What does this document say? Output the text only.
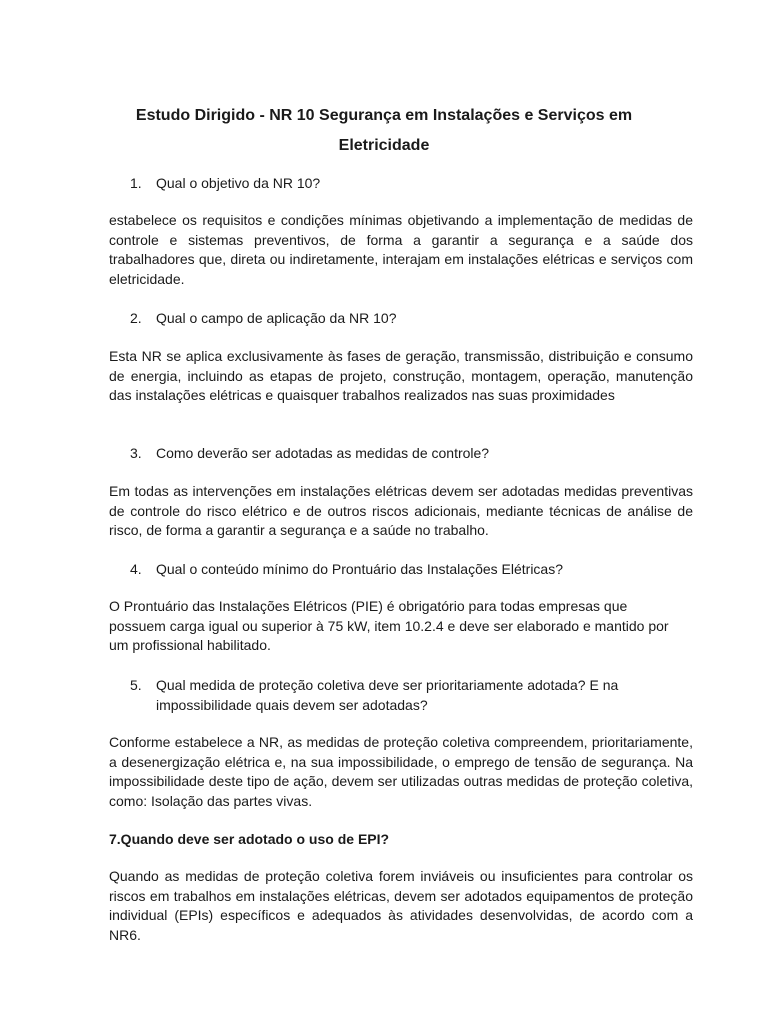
Estudo Dirigido - NR 10 Segurança em Instalações e Serviços em Eletricidade
1.	Qual o objetivo da NR 10?

estabelece os requisitos e condições mínimas objetivando a implementação de medidas de controle e sistemas preventivos, de forma a garantir a segurança e a saúde dos trabalhadores que, direta ou indiretamente, interajam em instalações elétricas e serviços com eletricidade.

2.	Qual o campo de aplicação da NR 10?

Esta NR se aplica exclusivamente às fases de geração, transmissão, distribuição e consumo de energia, incluindo as etapas de projeto, construção, montagem, operação, manutenção das instalações elétricas e quaisquer trabalhos realizados nas suas proximidades

3.	Como deverão ser adotadas as medidas de controle?

Em todas as intervenções em instalações elétricas devem ser adotadas medidas preventivas de controle do risco elétrico e de outros riscos adicionais, mediante técnicas de análise de risco, de forma a garantir a segurança e a saúde no trabalho.

4.	Qual o conteúdo mínimo do Prontuário das Instalações Elétricas?

O Prontuário das Instalações Elétricos (PIE) é obrigatório para todas empresas que possuem carga igual ou superior à 75 kW, item 10.2.4 e deve ser elaborado e mantido por um profissional habilitado.

5.	Qual medida de proteção coletiva deve ser prioritariamente adotada? E na impossibilidade quais devem ser adotadas?

Conforme estabelece a NR, as medidas de proteção coletiva compreendem, prioritariamente, a desenergização elétrica e, na sua impossibilidade, o emprego de tensão de segurança. Na impossibilidade deste tipo de ação, devem ser utilizadas outras medidas de proteção coletiva, como: Isolação das partes vivas.

7.Quando deve ser adotado o uso de EPI?

Quando as medidas de proteção coletiva forem inviáveis ou insuficientes para controlar os riscos em trabalhos em instalações elétricas, devem ser adotados equipamentos de proteção individual (EPIs) específicos e adequados às atividades desenvolvidas, de acordo com a NR6.
